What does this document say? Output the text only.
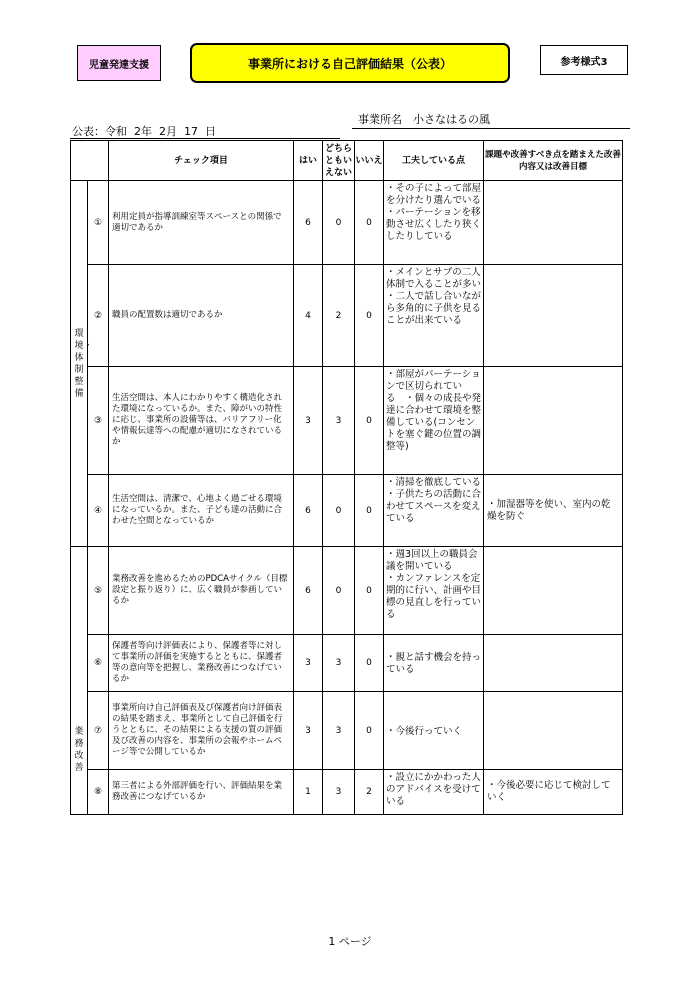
児童発達支援	事業所における自己評価結果（公表）	参考様式3
事業所名　小さなはるの風
公表：令和  2年  2月  17  日
		チェック項目	はい	どちらともいえない	いいえ	工夫している点	課題や改善すべき点を踏まえた改善内容又は改善目標

環境・体制整備	①	利用定員が指導訓練室等スペースとの関係で適切であるか	6	0	0	・その子によって部屋を分けたり選んでいる
・パーテーションを移動させ広くしたり狭くしたりしている	
	②	職員の配置数は適切であるか	4	2	0	・メインとサブの二人体制で入ることが多い
・二人で話し合いながら多角的に子供を見ることが出来ている	
	③	生活空間は、本人にわかりやすく構造化された環境になっているか。また、障がいの特性に応じ、事業所の設備等は、バリアフリー化や情報伝達等への配慮が適切になされているか	3	3	0	・部屋がパーテーションで区切られている　・個々の成長や発達に合わせて環境を整備している(コンセントを塞ぐ鍵の位置の調整等)	
	④	生活空間は、清潔で、心地よく過ごせる環境になっているか。また、子ども達の活動に合わせた空間となっているか	6	0	0	・清掃を徹底している
・子供たちの活動に合わせてスペースを変えている	・加湿器等を使い、室内の乾燥を防ぐ

業務改善	⑤	業務改善を進めるためのPDCAサイクル（目標設定と振り返り）に、広く職員が参画しているか	6	0	0	・週3回以上の職員会議を開いている
・カンファレンスを定期的に行い、計画や目標の見直しを行っている	
	⑥	保護者等向け評価表により、保護者等に対して事業所の評価を実施するとともに、保護者等の意向等を把握し、業務改善につなげているか	3	3	0	・親と話す機会を持っている	
	⑦	事業所向け自己評価表及び保護者向け評価表の結果を踏まえ、事業所として自己評価を行うとともに、その結果による支援の質の評価及び改善の内容を、事業所の会報やホームページ等で公開しているか	3	3	0	・今後行っていく	
	⑧	第三者による外部評価を行い、評価結果を業務改善につなげているか	1	3	2	・設立にかかわった人のアドバイスを受けている	・今後必要に応じて検討していく
1 ページ
